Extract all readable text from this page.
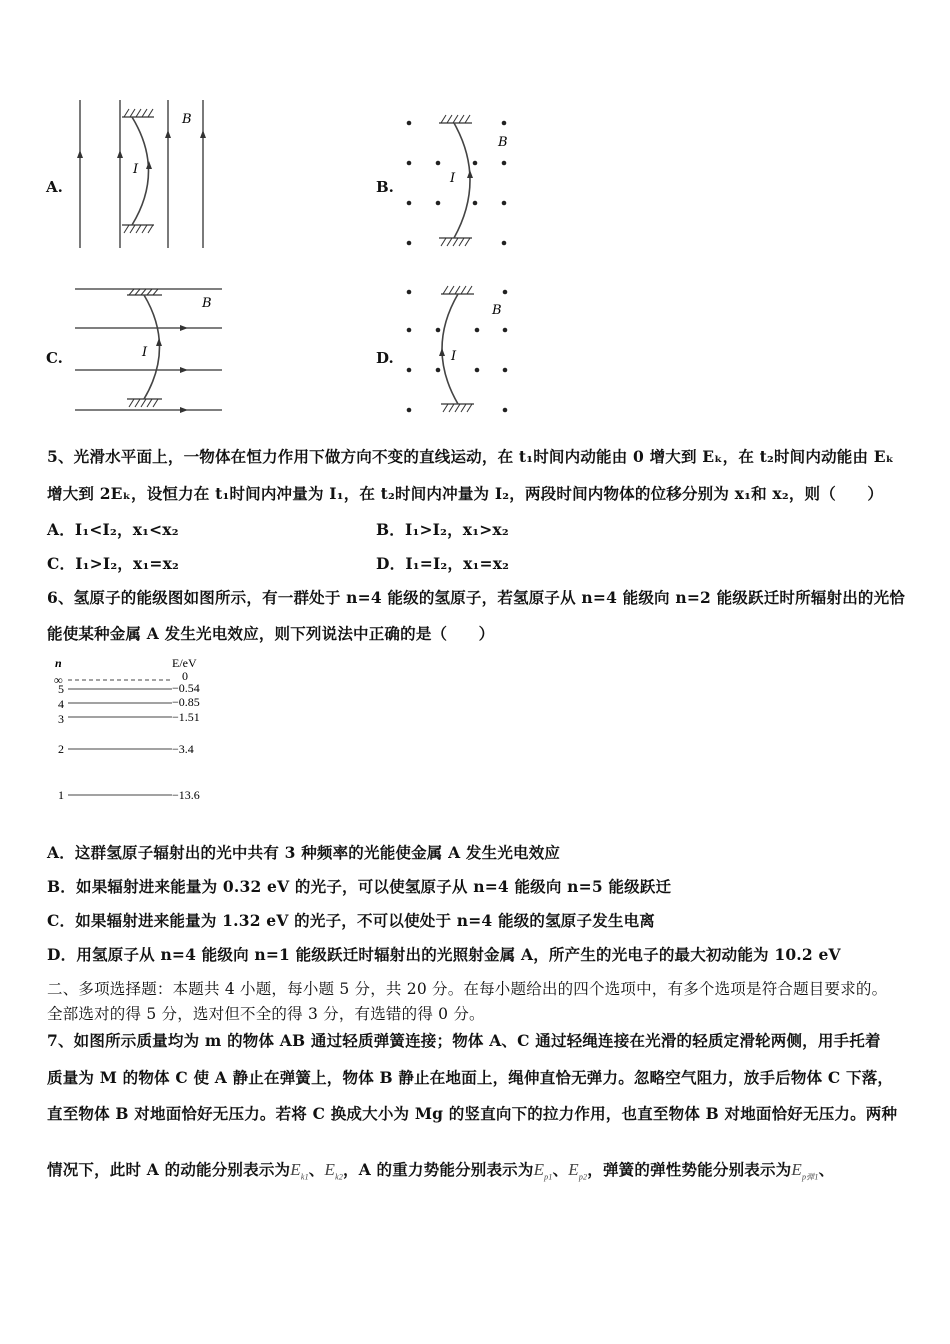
A.	B.
C.	D.
B
I
B
I
B
I
B
I
5、光滑水平面上，一物体在恒力作用下做方向不变的直线运动，在 t₁时间内动能由 0 增大到 Eₖ，在 t₂时间内动能由 Eₖ
增大到 2Eₖ，设恒力在 t₁时间内冲量为 I₁，在 t₂时间内冲量为 I₂，两段时间内物体的位移分别为 x₁和 x₂，则（　　）
A．I₁<I₂，x₁<x₂	B．I₁>I₂，x₁>x₂
C．I₁>I₂，x₁=x₂	D．I₁=I₂，x₁=x₂
6、氢原子的能级图如图所示，有一群处于 n=4 能级的氢原子，若氢原子从 n=4 能级向 n=2 能级跃迁时所辐射出的光恰
能使某种金属 A 发生光电效应，则下列说法中正确的是（　　）
n	E/eV
∞	0
5	−0.54
4	−0.85
3	−1.51
2	−3.4
1	−13.6
A．这群氢原子辐射出的光中共有 3 种频率的光能使金属 A 发生光电效应
B．如果辐射进来能量为 0.32 eV 的光子，可以使氢原子从 n=4 能级向 n=5 能级跃迁
C．如果辐射进来能量为 1.32 eV 的光子，不可以使处于 n=4 能级的氢原子发生电离
D．用氢原子从 n=4 能级向 n=1 能级跃迁时辐射出的光照射金属 A，所产生的光电子的最大初动能为 10.2 eV
二、多项选择题：本题共 4 小题，每小题 5 分，共 20 分。在每小题给出的四个选项中，有多个选项是符合题目要求的。
全部选对的得 5 分，选对但不全的得 3 分，有选错的得 0 分。
7、如图所示质量均为 m 的物体 AB 通过轻质弹簧连接；物体 A、C 通过轻绳连接在光滑的轻质定滑轮两侧，用手托着
质量为 M 的物体 C 使 A 静止在弹簧上，物体 B 静止在地面上，绳伸直恰无弹力。忽略空气阻力，放手后物体 C 下落，
直至物体 B 对地面恰好无压力。若将 C 换成大小为 Mg 的竖直向下的拉力作用，也直至物体 B 对地面恰好无压力。两种
情况下，此时 A 的动能分别表示为$E_{k1}$、$E_{k2}$，A 的重力势能分别表示为$E_{p1}$、$E_{p2}$，弹簧的弹性势能分别表示为$E_{p弹1}$、
